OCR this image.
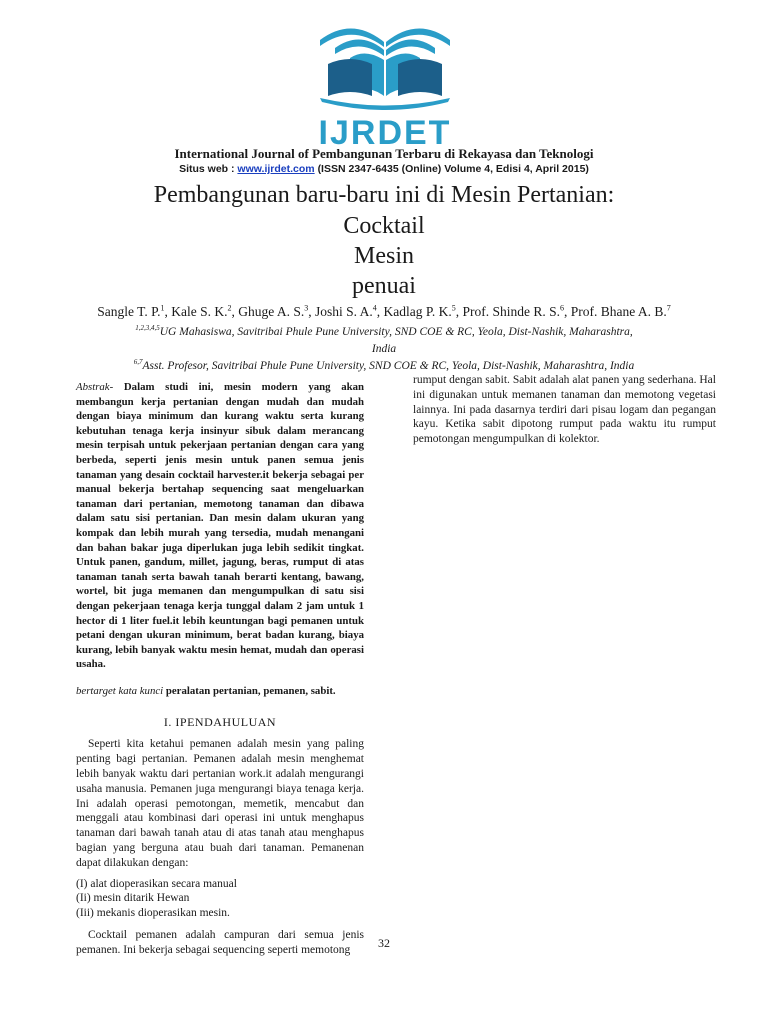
IJRDET
International Journal of Pembangunan Terbaru di Rekayasa dan Teknologi
Situs web : www.ijrdet.com (ISSN 2347-6435 (Online) Volume 4, Edisi 4, April 2015)
Pembangunan baru-baru ini di Mesin Pertanian:
Cocktail
Mesin
penuai
Sangle T. P.$^1$, Kale S. K.$^2$, Ghuge A. S.$^3$, Joshi S. A.$^4$, Kadlag P. K.$^5$, Prof. Shinde R. S.$^6$, Prof. Bhane A. B.$^7$
$^{1,2,3,4,5}$UG Mahasiswa, Savitribai Phule Pune University, SND COE & RC, Yeola, Dist-Nashik, Maharashtra,
India
$^{6,7}$Asst. Profesor, Savitribai Phule Pune University, SND COE & RC, Yeola, Dist-Nashik, Maharashtra, India
Abstrak- Dalam studi ini, mesin modern yang akan membangun kerja pertanian dengan mudah dan mudah dengan biaya minimum dan kurang waktu serta kurang kebutuhan tenaga kerja insinyur sibuk dalam merancang mesin terpisah untuk pekerjaan pertanian dengan cara yang berbeda, seperti jenis mesin untuk panen semua jenis tanaman yang desain cocktail harvester.it bekerja sebagai per manual bekerja bertahap sequencing saat mengeluarkan tanaman dari pertanian, memotong tanaman dan dibawa dalam satu sisi pertanian. Dan mesin dalam ukuran yang kompak dan lebih murah yang tersedia, mudah menangani dan bahan bakar juga diperlukan juga lebih sedikit tingkat. Untuk panen, gandum, millet, jagung, beras, rumput di atas tanaman tanah serta bawah tanah berarti kentang, bawang, wortel, bit juga memanen dan mengumpulkan di satu sisi dengan pekerjaan tenaga kerja tunggal dalam 2 jam untuk 1 hector di 1 liter fuel.it lebih keuntungan bagi pemanen untuk petani dengan ukuran minimum, berat badan kurang, biaya kurang, lebih banyak waktu mesin hemat, mudah dan operasi usaha.
bertarget kata kunci peralatan pertanian, pemanen, sabit.
I. IPENDAHULUAN

Seperti kita ketahui pemanen adalah mesin yang paling penting bagi pertanian. Pemanen adalah mesin menghemat lebih banyak waktu dari pertanian work.it adalah mengurangi usaha manusia. Pemanen juga mengurangi biaya tenaga kerja. Ini adalah operasi pemotongan, memetik, mencabut dan menggali atau kombinasi dari operasi ini untuk menghapus tanaman dari bawah tanah atau di atas tanah atau menghapus bagian yang berguna atau buah dari tanaman. Pemanenan dapat dilakukan dengan:

(I) alat dioperasikan secara manual
(Ii) mesin ditarik Hewan
(Iii) mekanis dioperasikan mesin.

Cocktail pemanen adalah campuran dari semua jenis pemanen. Ini bekerja sebagai sequencing seperti memotong

rumput dengan sabit. Sabit adalah alat panen yang sederhana. Hal ini digunakan untuk memanen tanaman dan memotong vegetasi lainnya. Ini pada dasarnya terdiri dari pisau logam dan pegangan kayu. Ketika sabit dipotong rumput pada waktu itu rumput pemotongan mengumpulkan di kolektor.

32
